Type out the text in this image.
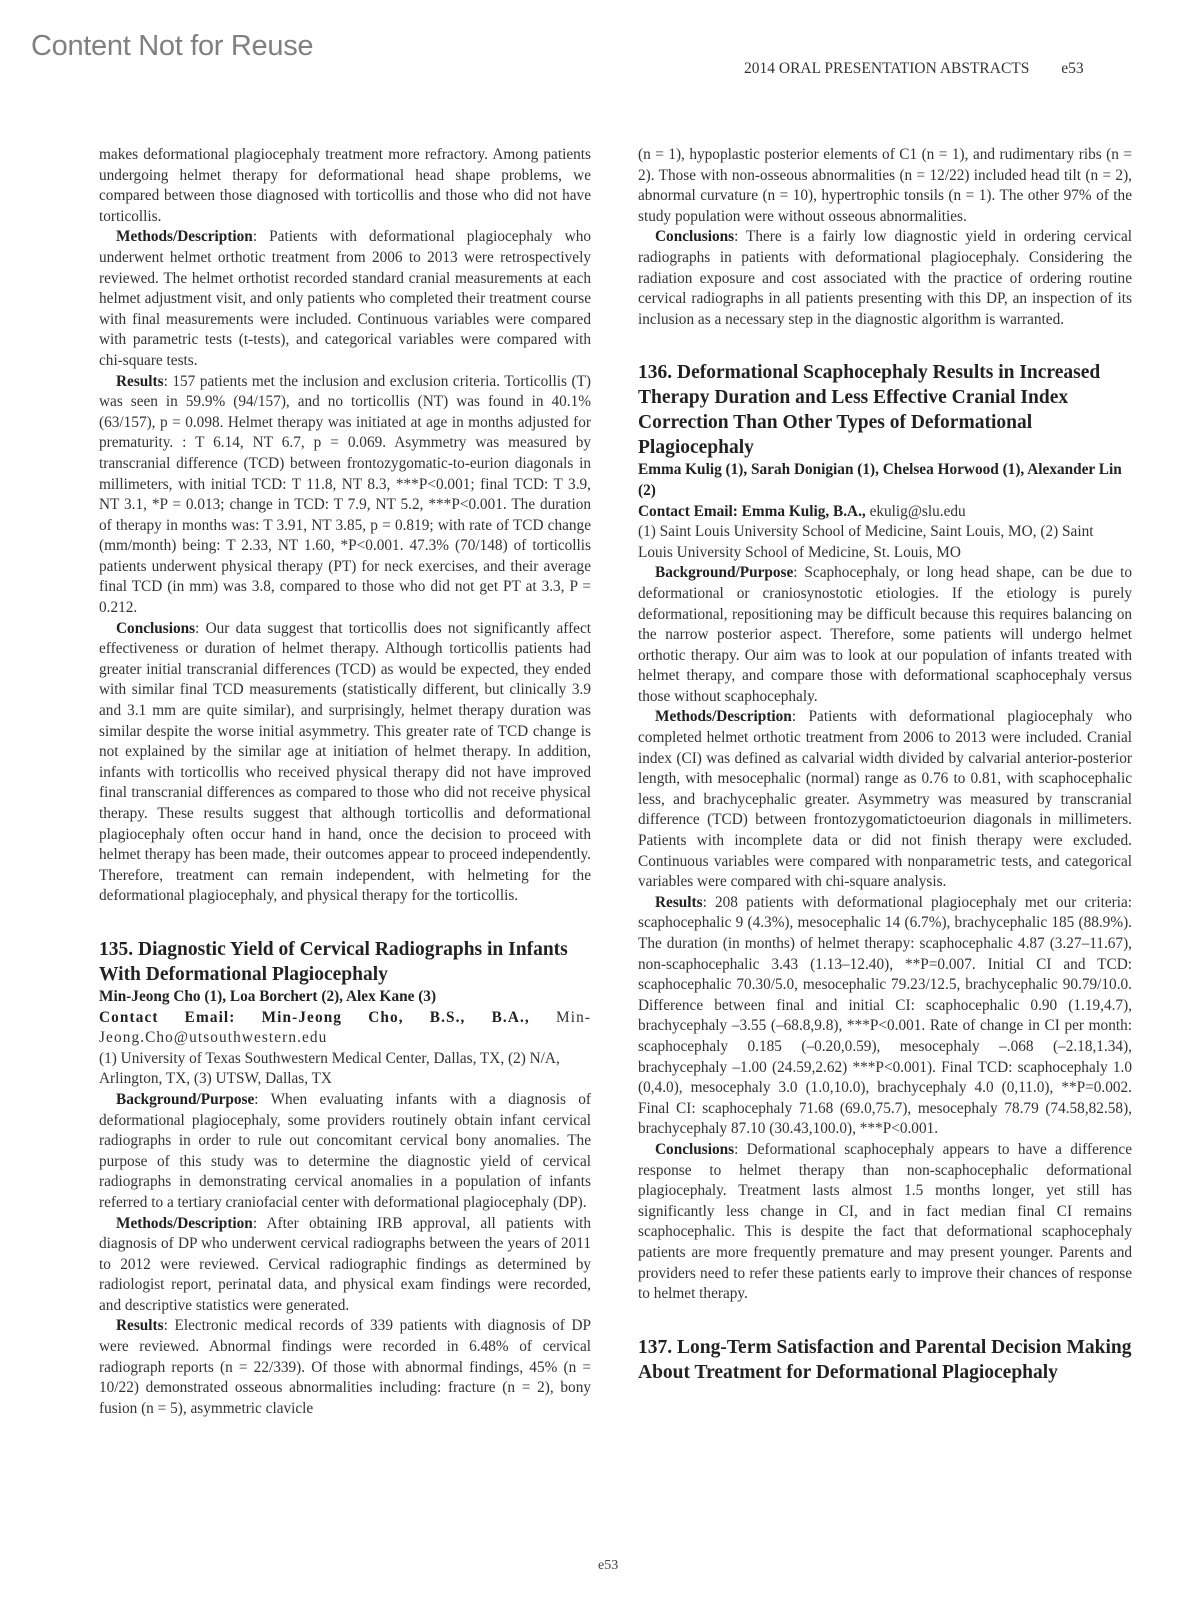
Content Not for Reuse
2014 ORAL PRESENTATION ABSTRACTS e53

makes deformational plagiocephaly treatment more refractory. Among patients undergoing helmet therapy for deformational head shape problems, we compared between those diagnosed with torticollis and those who did not have torticollis.

Methods/Description: Patients with deformational plagiocephaly who underwent helmet orthotic treatment from 2006 to 2013 were retrospectively reviewed. The helmet orthotist recorded standard cranial measurements at each helmet adjustment visit, and only patients who completed their treatment course with final measurements were included. Continuous variables were compared with parametric tests (t-tests), and categorical variables were compared with chi-square tests.

Results: 157 patients met the inclusion and exclusion criteria. Torticollis (T) was seen in 59.9% (94/157), and no torticollis (NT) was found in 40.1% (63/157), p = 0.098. Helmet therapy was initiated at age in months adjusted for prematurity. : T 6.14, NT 6.7, p = 0.069. Asymmetry was measured by transcranial difference (TCD) between frontozygomatic-to-eurion diagonals in millimeters, with initial TCD: T 11.8, NT 8.3, ***P<0.001; final TCD: T 3.9, NT 3.1, *P = 0.013; change in TCD: T 7.9, NT 5.2, ***P<0.001. The duration of therapy in months was: T 3.91, NT 3.85, p = 0.819; with rate of TCD change (mm/month) being: T 2.33, NT 1.60, *P<0.001. 47.3% (70/148) of torticollis patients underwent physical therapy (PT) for neck exercises, and their average final TCD (in mm) was 3.8, compared to those who did not get PT at 3.3, P = 0.212.

Conclusions: Our data suggest that torticollis does not significantly affect effectiveness or duration of helmet therapy. Although torticollis patients had greater initial transcranial differences (TCD) as would be expected, they ended with similar final TCD measurements (statistically different, but clinically 3.9 and 3.1 mm are quite similar), and surprisingly, helmet therapy duration was similar despite the worse initial asymmetry. This greater rate of TCD change is not explained by the similar age at initiation of helmet therapy. In addition, infants with torticollis who received physical therapy did not have improved final transcranial differences as compared to those who did not receive physical therapy. These results suggest that although torticollis and deformational plagiocephaly often occur hand in hand, once the decision to proceed with helmet therapy has been made, their outcomes appear to proceed independently. Therefore, treatment can remain independent, with helmeting for the deformational plagiocephaly, and physical therapy for the torticollis.

135. Diagnostic Yield of Cervical Radiographs in Infants With Deformational Plagiocephaly

Min-Jeong Cho (1), Loa Borchert (2), Alex Kane (3)

Contact Email: Min-Jeong Cho, B.S., B.A., Min-Jeong.Cho@utsouthwestern.edu

(1) University of Texas Southwestern Medical Center, Dallas, TX, (2) N/A, Arlington, TX, (3) UTSW, Dallas, TX

Background/Purpose: When evaluating infants with a diagnosis of deformational plagiocephaly, some providers routinely obtain infant cervical radiographs in order to rule out concomitant cervical bony anomalies. The purpose of this study was to determine the diagnostic yield of cervical radiographs in demonstrating cervical anomalies in a population of infants referred to a tertiary craniofacial center with deformational plagiocephaly (DP).

Methods/Description: After obtaining IRB approval, all patients with diagnosis of DP who underwent cervical radiographs between the years of 2011 to 2012 were reviewed. Cervical radiographic findings as determined by radiologist report, perinatal data, and physical exam findings were recorded, and descriptive statistics were generated.

Results: Electronic medical records of 339 patients with diagnosis of DP were reviewed. Abnormal findings were recorded in 6.48% of cervical radiograph reports (n = 22/339). Of those with abnormal findings, 45% (n = 10/22) demonstrated osseous abnormalities including: fracture (n = 2), bony fusion (n = 5), asymmetric clavicle

(n = 1), hypoplastic posterior elements of C1 (n = 1), and rudimentary ribs (n = 2). Those with non-osseous abnormalities (n = 12/22) included head tilt (n = 2), abnormal curvature (n = 10), hypertrophic tonsils (n = 1). The other 97% of the study population were without osseous abnormalities.

Conclusions: There is a fairly low diagnostic yield in ordering cervical radiographs in patients with deformational plagiocephaly. Considering the radiation exposure and cost associated with the practice of ordering routine cervical radiographs in all patients presenting with this DP, an inspection of its inclusion as a necessary step in the diagnostic algorithm is warranted.

136. Deformational Scaphocephaly Results in Increased Therapy Duration and Less Effective Cranial Index Correction Than Other Types of Deformational Plagiocephaly

Emma Kulig (1), Sarah Donigian (1), Chelsea Horwood (1), Alexander Lin (2)

Contact Email: Emma Kulig, B.A., ekulig@slu.edu

(1) Saint Louis University School of Medicine, Saint Louis, MO, (2) Saint Louis University School of Medicine, St. Louis, MO

Background/Purpose: Scaphocephaly, or long head shape, can be due to deformational or craniosynostotic etiologies. If the etiology is purely deformational, repositioning may be difficult because this requires balancing on the narrow posterior aspect. Therefore, some patients will undergo helmet orthotic therapy. Our aim was to look at our population of infants treated with helmet therapy, and compare those with deformational scaphocephaly versus those without scaphocephaly.

Methods/Description: Patients with deformational plagiocephaly who completed helmet orthotic treatment from 2006 to 2013 were included. Cranial index (CI) was defined as calvarial width divided by calvarial anterior-posterior length, with mesocephalic (normal) range as 0.76 to 0.81, with scaphocephalic less, and brachycephalic greater. Asymmetry was measured by transcranial difference (TCD) between frontozygomatictoeurion diagonals in millimeters. Patients with incomplete data or did not finish therapy were excluded. Continuous variables were compared with nonparametric tests, and categorical variables were compared with chi-square analysis.

Results: 208 patients with deformational plagiocephaly met our criteria: scaphocephalic 9 (4.3%), mesocephalic 14 (6.7%), brachycephalic 185 (88.9%). The duration (in months) of helmet therapy: scaphocephalic 4.87 (3.27–11.67), non-scaphocephalic 3.43 (1.13–12.40), **P=0.007. Initial CI and TCD: scaphocephalic 70.30/5.0, mesocephalic 79.23/12.5, brachycephalic 90.79/10.0. Difference between final and initial CI: scaphocephalic 0.90 (1.19,4.7), brachycephaly –3.55 (–68.8,9.8), ***P<0.001. Rate of change in CI per month: scaphocephaly 0.185 (–0.20,0.59), mesocephaly –.068 (–2.18,1.34), brachycephaly –1.00 (24.59,2.62) ***P<0.001). Final TCD: scaphocephaly 1.0 (0,4.0), mesocephaly 3.0 (1.0,10.0), brachycephaly 4.0 (0,11.0), **P=0.002. Final CI: scaphocephaly 71.68 (69.0,75.7), mesocephaly 78.79 (74.58,82.58), brachycephaly 87.10 (30.43,100.0), ***P<0.001.

Conclusions: Deformational scaphocephaly appears to have a difference response to helmet therapy than non-scaphocephalic deformational plagiocephaly. Treatment lasts almost 1.5 months longer, yet still has significantly less change in CI, and in fact median final CI remains scaphocephalic. This is despite the fact that deformational scaphocephaly patients are more frequently premature and may present younger. Parents and providers need to refer these patients early to improve their chances of response to helmet therapy.

137. Long-Term Satisfaction and Parental Decision Making About Treatment for Deformational Plagiocephaly
e53
